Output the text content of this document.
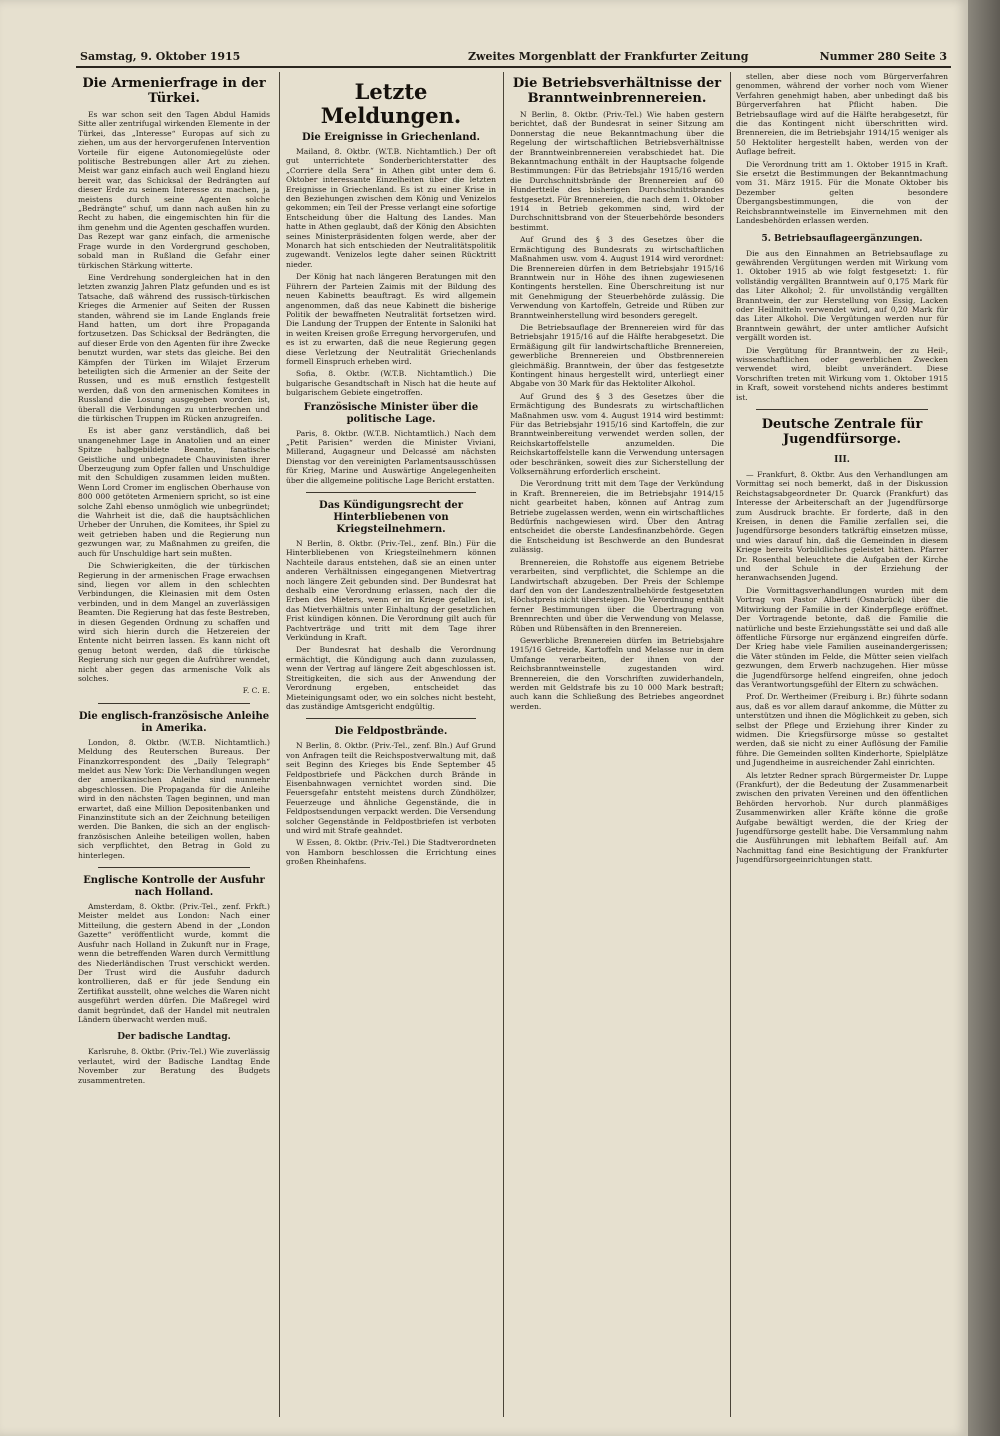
Samstag, 9. Oktober 1915	Zweites Morgenblatt der Frankfurter Zeitung	Nummer 280 Seite 3
Die Armenierfrage in der Türkei.

Es war schon seit den Tagen Abdul Hamids Sitte aller zentrifugal wirkenden Elemente in der Türkei, das „Interesse“ Europas auf sich zu ziehen, um aus der hervorgerufenen Intervention Vorteile für eigene Autonomiegelüste oder politische Bestrebungen aller Art zu ziehen. Meist war ganz einfach auch weil England hiezu bereit war, das Schicksal der Bedrängten auf dieser Erde zu seinem Interesse zu machen, ja meistens durch seine Agenten solche „Bedrängte“ schuf, um dann nach außen hin zu Recht zu haben, die eingemischten hin für die ihm genehm und die Agenten geschaffen wurden. Das Rezept war ganz einfach, die armenische Frage wurde in den Vordergrund geschoben, sobald man in Rußland die Gefahr einer türkischen Stärkung witterte.

Eine Verdrehung sondergleichen hat in den letzten zwanzig Jahren Platz gefunden und es ist Tatsache, daß während des russisch-türkischen Krieges die Armenier auf Seiten der Russen standen, während sie im Lande Englands freie Hand hatten, um dort ihre Propaganda fortzusetzen. Das Schicksal der Bedrängten, die auf dieser Erde von den Agenten für ihre Zwecke benutzt wurden, war stets das gleiche. Bei den Kämpfen der Türken im Wilajet Erzerum beteiligten sich die Armenier an der Seite der Russen, und es muß ernstlich festgestellt werden, daß von den armenischen Komitees in Russland die Losung ausgegeben worden ist, überall die Verbindungen zu unterbrechen und die türkischen Truppen im Rücken anzugreifen.

Es ist aber ganz verständlich, daß bei unangenehmer Lage in Anatolien und an einer Spitze halbgebildete Beamte, fanatische Geistliche und unbegnadete Chauvinisten ihrer Überzeugung zum Opfer fallen und Unschuldige mit den Schuldigen zusammen leiden mußten. Wenn Lord Cromer im englischen Oberhause von 800 000 getöteten Armeniern spricht, so ist eine solche Zahl ebenso unmöglich wie unbegründet; die Wahrheit ist die, daß die hauptsächlichen Urheber der Unruhen, die Komitees, ihr Spiel zu weit getrieben haben und die Regierung nun gezwungen war, zu Maßnahmen zu greifen, die auch für Unschuldige hart sein mußten.

Die Schwierigkeiten, die der türkischen Regierung in der armenischen Frage erwachsen sind, liegen vor allem in den schlechten Verbindungen, die Kleinasien mit dem Osten verbinden, und in dem Mangel an zuverlässigen Beamten. Die Regierung hat das feste Bestreben, in diesen Gegenden Ordnung zu schaffen und wird sich hierin durch die Hetzereien der Entente nicht beirren lassen. Es kann nicht oft genug betont werden, daß die türkische Regierung sich nur gegen die Aufrührer wendet, nicht aber gegen das armenische Volk als solches.

F. C. E.

Die englisch-französische Anleihe in Amerika.

London, 8. Oktbr. (W.T.B. Nichtamtlich.) Meldung des Reuterschen Bureaus. Der Finanzkorrespondent des „Daily Telegraph“ meldet aus New York: Die Verhandlungen wegen der amerikanischen Anleihe sind nunmehr abgeschlossen. Die Propaganda für die Anleihe wird in den nächsten Tagen beginnen, und man erwartet, daß eine Million Depositenbanken und Finanzinstitute sich an der Zeichnung beteiligen werden. Die Banken, die sich an der englisch-französischen Anleihe beteiligen wollen, haben sich verpflichtet, den Betrag in Gold zu hinterlegen.

Englische Kontrolle der Ausfuhr nach Holland.

Amsterdam, 8. Oktbr. (Priv.-Tel., zenf. Frkft.) Meister meldet aus London: Nach einer Mitteilung, die gestern Abend in der „London Gazette“ veröffentlicht wurde, kommt die Ausfuhr nach Holland in Zukunft nur in Frage, wenn die betreffenden Waren durch Vermittlung des Niederländischen Trust verschickt werden. Der Trust wird die Ausfuhr dadurch kontrollieren, daß er für jede Sendung ein Zertifikat ausstellt, ohne welches die Waren nicht ausgeführt werden dürfen. Die Maßregel wird damit begründet, daß der Handel mit neutralen Ländern überwacht werden muß.

Der badische Landtag.

Karlsruhe, 8. Oktbr. (Priv.-Tel.) Wie zuverlässig verlautet, wird der Badische Landtag Ende November zur Beratung des Budgets zusammentreten.

Letzte Meldungen.
Die Ereignisse in Griechenland.

Mailand, 8. Oktbr. (W.T.B. Nichtamtlich.) Der oft gut unterrichtete Sonderberichterstatter des „Corriere della Sera“ in Athen gibt unter dem 6. Oktober interessante Einzelheiten über die letzten Ereignisse in Griechenland. Es ist zu einer Krise in den Beziehungen zwischen dem König und Venizelos gekommen; ein Teil der Presse verlangt eine sofortige Entscheidung über die Haltung des Landes. Man hatte in Athen geglaubt, daß der König den Absichten seines Ministerpräsidenten folgen werde, aber der Monarch hat sich entschieden der Neutralitätspolitik zugewandt. Venizelos legte daher seinen Rücktritt nieder.

Der König hat nach längeren Beratungen mit den Führern der Parteien Zaimis mit der Bildung des neuen Kabinetts beauftragt. Es wird allgemein angenommen, daß das neue Kabinett die bisherige Politik der bewaffneten Neutralität fortsetzen wird. Die Landung der Truppen der Entente in Saloniki hat in weiten Kreisen große Erregung hervorgerufen, und es ist zu erwarten, daß die neue Regierung gegen diese Verletzung der Neutralität Griechenlands formell Einspruch erheben wird.

Sofia, 8. Oktbr. (W.T.B. Nichtamtlich.) Die bulgarische Gesandtschaft in Nisch hat die heute auf bulgarischem Gebiete eingetroffen.

Französische Minister über die politische Lage.

Paris, 8. Oktbr. (W.T.B. Nichtamtlich.) Nach dem „Petit Parisien“ werden die Minister Viviani, Millerand, Augagneur und Delcassé am nächsten Dienstag vor den vereinigten Parlamentsausschüssen für Krieg, Marine und Auswärtige Angelegenheiten über die allgemeine politische Lage Bericht erstatten.

Das Kündigungsrecht der Hinterbliebenen von Kriegsteilnehmern.

N Berlin, 8. Oktbr. (Priv.-Tel., zenf. Bln.) Für die Hinterbliebenen von Kriegsteilnehmern können Nachteile daraus entstehen, daß sie an einen unter anderen Verhältnissen eingegangenen Mietvertrag noch längere Zeit gebunden sind. Der Bundesrat hat deshalb eine Verordnung erlassen, nach der die Erben des Mieters, wenn er im Kriege gefallen ist, das Mietverhältnis unter Einhaltung der gesetzlichen Frist kündigen können. Die Verordnung gilt auch für Pachtverträge und tritt mit dem Tage ihrer Verkündung in Kraft.

Der Bundesrat hat deshalb die Verordnung ermächtigt, die Kündigung auch dann zuzulassen, wenn der Vertrag auf längere Zeit abgeschlossen ist. Streitigkeiten, die sich aus der Anwendung der Verordnung ergeben, entscheidet das Mieteinigungsamt oder, wo ein solches nicht besteht, das zuständige Amtsgericht endgültig.

Die Feldpostbrände.

N Berlin, 8. Oktbr. (Priv.-Tel., zenf. Bln.) Auf Grund von Anfragen teilt die Reichspostverwaltung mit, daß seit Beginn des Krieges bis Ende September 45 Feldpostbriefe und Päckchen durch Brände in Eisenbahnwagen vernichtet worden sind. Die Feuersgefahr entsteht meistens durch Zündhölzer, Feuerzeuge und ähnliche Gegenstände, die in Feldpostsendungen verpackt werden. Die Versendung solcher Gegenstände in Feldpostbriefen ist verboten und wird mit Strafe geahndet.

W Essen, 8. Oktbr. (Priv.-Tel.) Die Stadtverordneten von Hamborn beschlossen die Errichtung eines großen Rheinhafens.

Die Betriebsverhältnisse der Branntweinbrennereien.

N Berlin, 8. Oktbr. (Priv.-Tel.) Wie haben gestern berichtet, daß der Bundesrat in seiner Sitzung am Donnerstag die neue Bekanntmachung über die Regelung der wirtschaftlichen Betriebsverhältnisse der Branntweinbrennereien verabschiedet hat. Die Bekanntmachung enthält in der Hauptsache folgende Bestimmungen: Für das Betriebsjahr 1915/16 werden die Durchschnittsbrände der Brennereien auf 60 Hundertteile des bisherigen Durchschnittsbrandes festgesetzt. Für Brennereien, die nach dem 1. Oktober 1914 in Betrieb gekommen sind, wird der Durchschnittsbrand von der Steuerbehörde besonders bestimmt.

Auf Grund des § 3 des Gesetzes über die Ermächtigung des Bundesrats zu wirtschaftlichen Maßnahmen usw. vom 4. August 1914 wird verordnet: Die Brennereien dürfen in dem Betriebsjahr 1915/16 Branntwein nur in Höhe des ihnen zugewiesenen Kontingents herstellen. Eine Überschreitung ist nur mit Genehmigung der Steuerbehörde zulässig. Die Verwendung von Kartoffeln, Getreide und Rüben zur Branntweinherstellung wird besonders geregelt.

Die Betriebsauflage der Brennereien wird für das Betriebsjahr 1915/16 auf die Hälfte herabgesetzt. Die Ermäßigung gilt für landwirtschaftliche Brennereien, gewerbliche Brennereien und Obstbrennereien gleichmäßig. Branntwein, der über das festgesetzte Kontingent hinaus hergestellt wird, unterliegt einer Abgabe von 30 Mark für das Hektoliter Alkohol.

Auf Grund des § 3 des Gesetzes über die Ermächtigung des Bundesrats zu wirtschaftlichen Maßnahmen usw. vom 4. August 1914 wird bestimmt: Für das Betriebsjahr 1915/16 sind Kartoffeln, die zur Branntweinbereitung verwendet werden sollen, der Reichskartoffelstelle anzumelden. Die Reichskartoffelstelle kann die Verwendung untersagen oder beschränken, soweit dies zur Sicherstellung der Volksernährung erforderlich erscheint.

Die Verordnung tritt mit dem Tage der Verkündung in Kraft. Brennereien, die im Betriebsjahr 1914/15 nicht gearbeitet haben, können auf Antrag zum Betriebe zugelassen werden, wenn ein wirtschaftliches Bedürfnis nachgewiesen wird. Über den Antrag entscheidet die oberste Landesfinanzbehörde. Gegen die Entscheidung ist Beschwerde an den Bundesrat zulässig.

Brennereien, die Rohstoffe aus eigenem Betriebe verarbeiten, sind verpflichtet, die Schlempe an die Landwirtschaft abzugeben. Der Preis der Schlempe darf den von der Landeszentralbehörde festgesetzten Höchstpreis nicht übersteigen. Die Verordnung enthält ferner Bestimmungen über die Übertragung von Brennrechten und über die Verwendung von Melasse, Rüben und Rübensäften in den Brennereien.

Gewerbliche Brennereien dürfen im Betriebsjahre 1915/16 Getreide, Kartoffeln und Melasse nur in dem Umfange verarbeiten, der ihnen von der Reichsbranntweinstelle zugestanden wird. Brennereien, die den Vorschriften zuwiderhandeln, werden mit Geldstrafe bis zu 10 000 Mark bestraft; auch kann die Schließung des Betriebes angeordnet werden.

stellen, aber diese noch vom Bürgerverfahren genommen, während der vorher noch vom Wiener Verfahren genehmigt haben, aber unbedingt daß bis Bürgerverfahren hat Pflicht haben. Die Betriebsauflage wird auf die Hälfte herabgesetzt, für die das Kontingent nicht überschritten wird. Brennereien, die im Betriebsjahr 1914/15 weniger als 50 Hektoliter hergestellt haben, werden von der Auflage befreit.

Die Verordnung tritt am 1. Oktober 1915 in Kraft. Sie ersetzt die Bestimmungen der Bekanntmachung vom 31. März 1915. Für die Monate Oktober bis Dezember gelten besondere Übergangsbestimmungen, die von der Reichsbranntweinstelle im Einvernehmen mit den Landesbehörden erlassen werden.

5. Betriebsauflageergänzungen.

Die aus den Einnahmen an Betriebsauflage zu gewährenden Vergütungen werden mit Wirkung vom 1. Oktober 1915 ab wie folgt festgesetzt: 1. für vollständig vergällten Branntwein auf 0,175 Mark für das Liter Alkohol; 2. für unvollständig vergällten Branntwein, der zur Herstellung von Essig, Lacken oder Heilmitteln verwendet wird, auf 0,20 Mark für das Liter Alkohol. Die Vergütungen werden nur für Branntwein gewährt, der unter amtlicher Aufsicht vergällt worden ist.

Die Vergütung für Branntwein, der zu Heil-, wissenschaftlichen oder gewerblichen Zwecken verwendet wird, bleibt unverändert. Diese Vorschriften treten mit Wirkung vom 1. Oktober 1915 in Kraft, soweit vorstehend nichts anderes bestimmt ist.

Deutsche Zentrale für Jugendfürsorge.
III.

— Frankfurt, 8. Oktbr. Aus den Verhandlungen am Vormittag sei noch bemerkt, daß in der Diskussion Reichstagsabgeordneter Dr. Quarck (Frankfurt) das Interesse der Arbeiterschaft an der Jugendfürsorge zum Ausdruck brachte. Er forderte, daß in den Kreisen, in denen die Familie zerfallen sei, die Jugendfürsorge besonders tatkräftig einsetzen müsse, und wies darauf hin, daß die Gemeinden in diesem Kriege bereits Vorbildliches geleistet hätten. Pfarrer Dr. Rosenthal beleuchtete die Aufgaben der Kirche und der Schule in der Erziehung der heranwachsenden Jugend.

Die Vormittagsverhandlungen wurden mit dem Vortrag von Pastor Alberti (Osnabrück) über die Mitwirkung der Familie in der Kinderpflege eröffnet. Der Vortragende betonte, daß die Familie die natürliche und beste Erziehungsstätte sei und daß alle öffentliche Fürsorge nur ergänzend eingreifen dürfe. Der Krieg habe viele Familien auseinandergerissen; die Väter stünden im Felde, die Mütter seien vielfach gezwungen, dem Erwerb nachzugehen. Hier müsse die Jugendfürsorge helfend eingreifen, ohne jedoch das Verantwortungsgefühl der Eltern zu schwächen.

Prof. Dr. Wertheimer (Freiburg i. Br.) führte sodann aus, daß es vor allem darauf ankomme, die Mütter zu unterstützen und ihnen die Möglichkeit zu geben, sich selbst der Pflege und Erziehung ihrer Kinder zu widmen. Die Kriegsfürsorge müsse so gestaltet werden, daß sie nicht zu einer Auflösung der Familie führe. Die Gemeinden sollten Kinderhorte, Spielplätze und Jugendheime in ausreichender Zahl einrichten.

Als letzter Redner sprach Bürgermeister Dr. Luppe (Frankfurt), der die Bedeutung der Zusammenarbeit zwischen den privaten Vereinen und den öffentlichen Behörden hervorhob. Nur durch planmäßiges Zusammenwirken aller Kräfte könne die große Aufgabe bewältigt werden, die der Krieg der Jugendfürsorge gestellt habe. Die Versammlung nahm die Ausführungen mit lebhaftem Beifall auf. Am Nachmittag fand eine Besichtigung der Frankfurter Jugendfürsorgeeinrichtungen statt.
